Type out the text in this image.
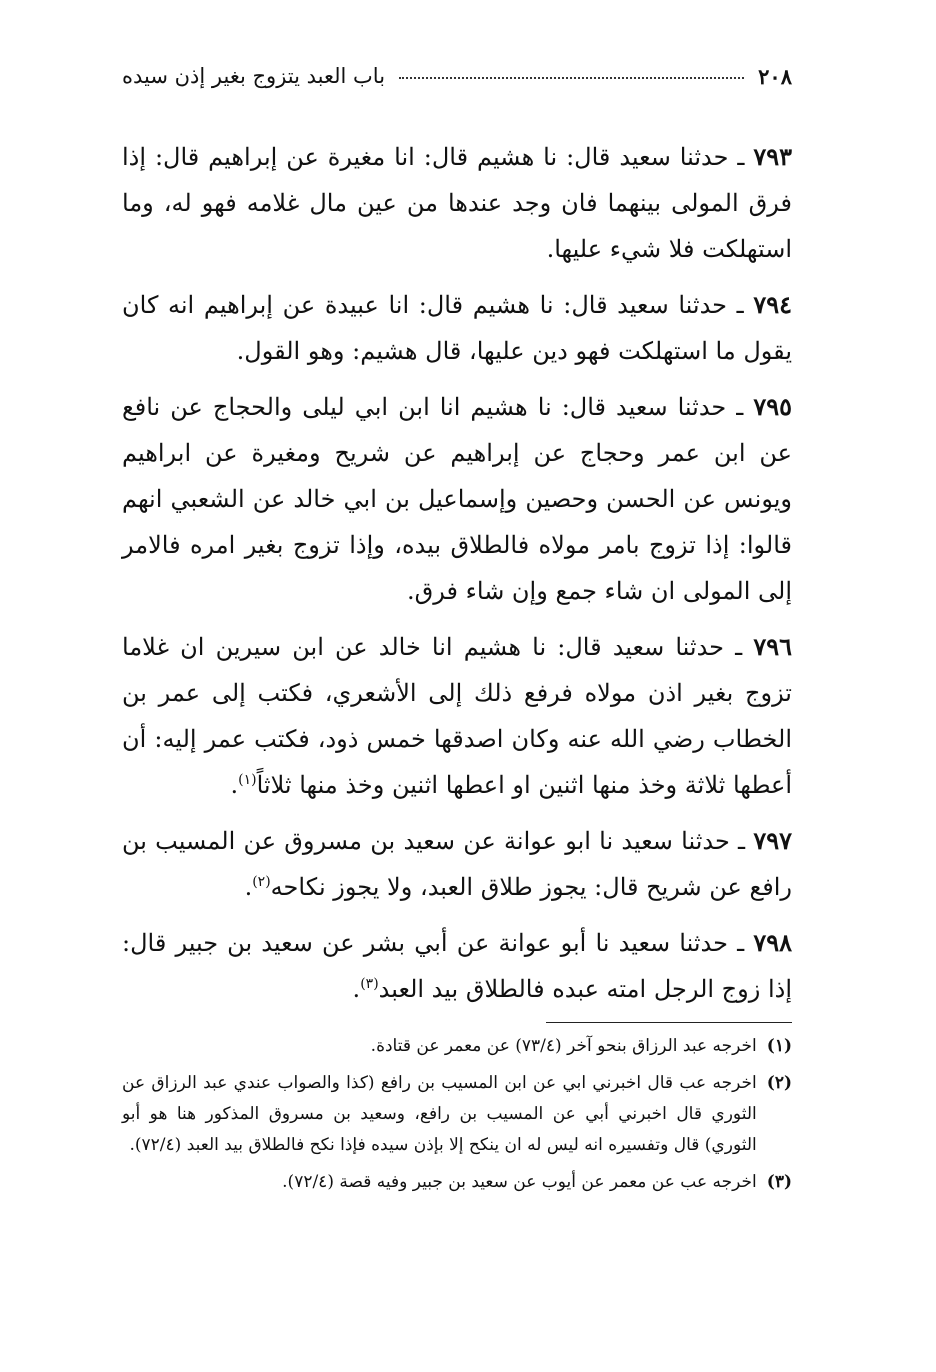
٢٠٨
باب العبد يتزوج بغير إذن سيده

٧٩٣ ـ حدثنا سعيد قال: نا هشيم قال: انا مغيرة عن إبراهيم قال: إذا فرق المولى بينهما فان وجد عندها من عين مال غلامه فهو له، وما استهلكت فلا شيء عليها.

٧٩٤ ـ حدثنا سعيد قال: نا هشيم قال: انا عبيدة عن إبراهيم انه كان يقول ما استهلكت فهو دين عليها، قال هشيم: وهو القول.

٧٩٥ ـ حدثنا سعيد قال: نا هشيم انا ابن ابي ليلى والحجاج عن نافع عن ابن عمر وحجاج عن إبراهيم عن شريح ومغيرة عن ابراهيم ويونس عن الحسن وحصين وإسماعيل بن ابي خالد عن الشعبي انهم قالوا: إذا تزوج بامر مولاه فالطلاق بيده، وإذا تزوج بغير امره فالامر إلى المولى ان شاء جمع وإن شاء فرق.

٧٩٦ ـ حدثنا سعيد قال: نا هشيم انا خالد عن ابن سيرين ان غلاما تزوج بغير اذن مولاه فرفع ذلك إلى الأشعري، فكتب إلى عمر بن الخطاب رضي الله عنه وكان اصدقها خمس ذود، فكتب عمر إليه: أن أعطها ثلاثة وخذ منها اثنين او اعطها اثنين وخذ منها ثلاثاً$^{(١)}$.

٧٩٧ ـ حدثنا سعيد نا ابو عوانة عن سعيد بن مسروق عن المسيب بن رافع عن شريح قال: يجوز طلاق العبد، ولا يجوز نكاحه$^{(٢)}$.

٧٩٨ ـ حدثنا سعيد نا أبو عوانة عن أبي بشر عن سعيد بن جبير قال: إذا زوج الرجل امته عبده فالطلاق بيد العبد$^{(٣)}$.

(١)
اخرجه عبد الرزاق بنحو آخر (٧٣/٤) عن معمر عن قتادة.
(٢)
اخرجه عب قال اخبرني ابي عن ابن المسيب بن رافع (كذا والصواب عندي عبد الرزاق عن الثوري قال اخبرني أبي عن المسيب بن رافع، وسعيد بن مسروق المذكور هنا هو أبو الثوري) قال وتفسيره انه ليس له ان ينكح إلا بإذن سيده فإذا نكح فالطلاق بيد العبد (٧٢/٤).
(٣)
اخرجه عب عن معمر عن أيوب عن سعيد بن جبير وفيه قصة (٧٢/٤).
